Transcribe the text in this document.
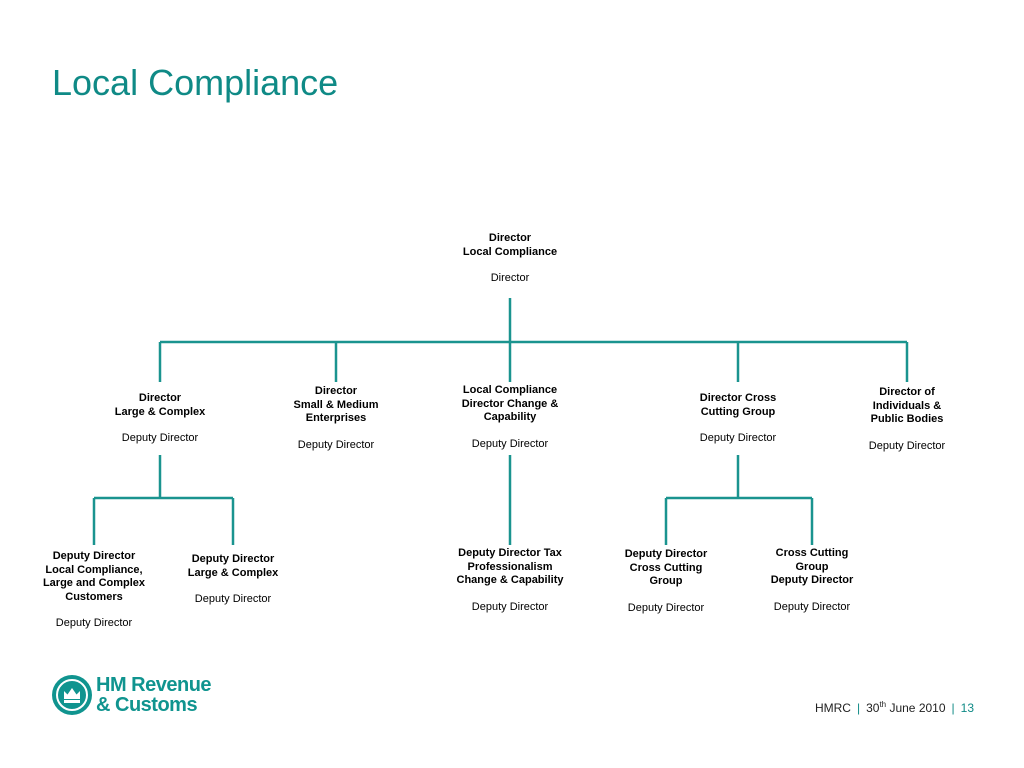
Local Compliance
Director
Local Compliance
Director
Director
Large & Complex
Deputy Director
Director
Small & Medium
Enterprises
Deputy Director
Local Compliance
Director Change &
Capability
Deputy Director
Director Cross
Cutting Group
Deputy Director
Director of
Individuals &
Public Bodies
Deputy Director
Deputy Director
Local Compliance,
Large and Complex
Customers
Deputy Director
Deputy Director
Large & Complex
Deputy Director
Deputy Director Tax
Professionalism
Change & Capability
Deputy Director
Deputy Director
Cross Cutting
Group
Deputy Director
Cross Cutting
Group
Deputy Director
Deputy Director
HM Revenue
& Customs	HMRC | 30th June 2010 | 13
